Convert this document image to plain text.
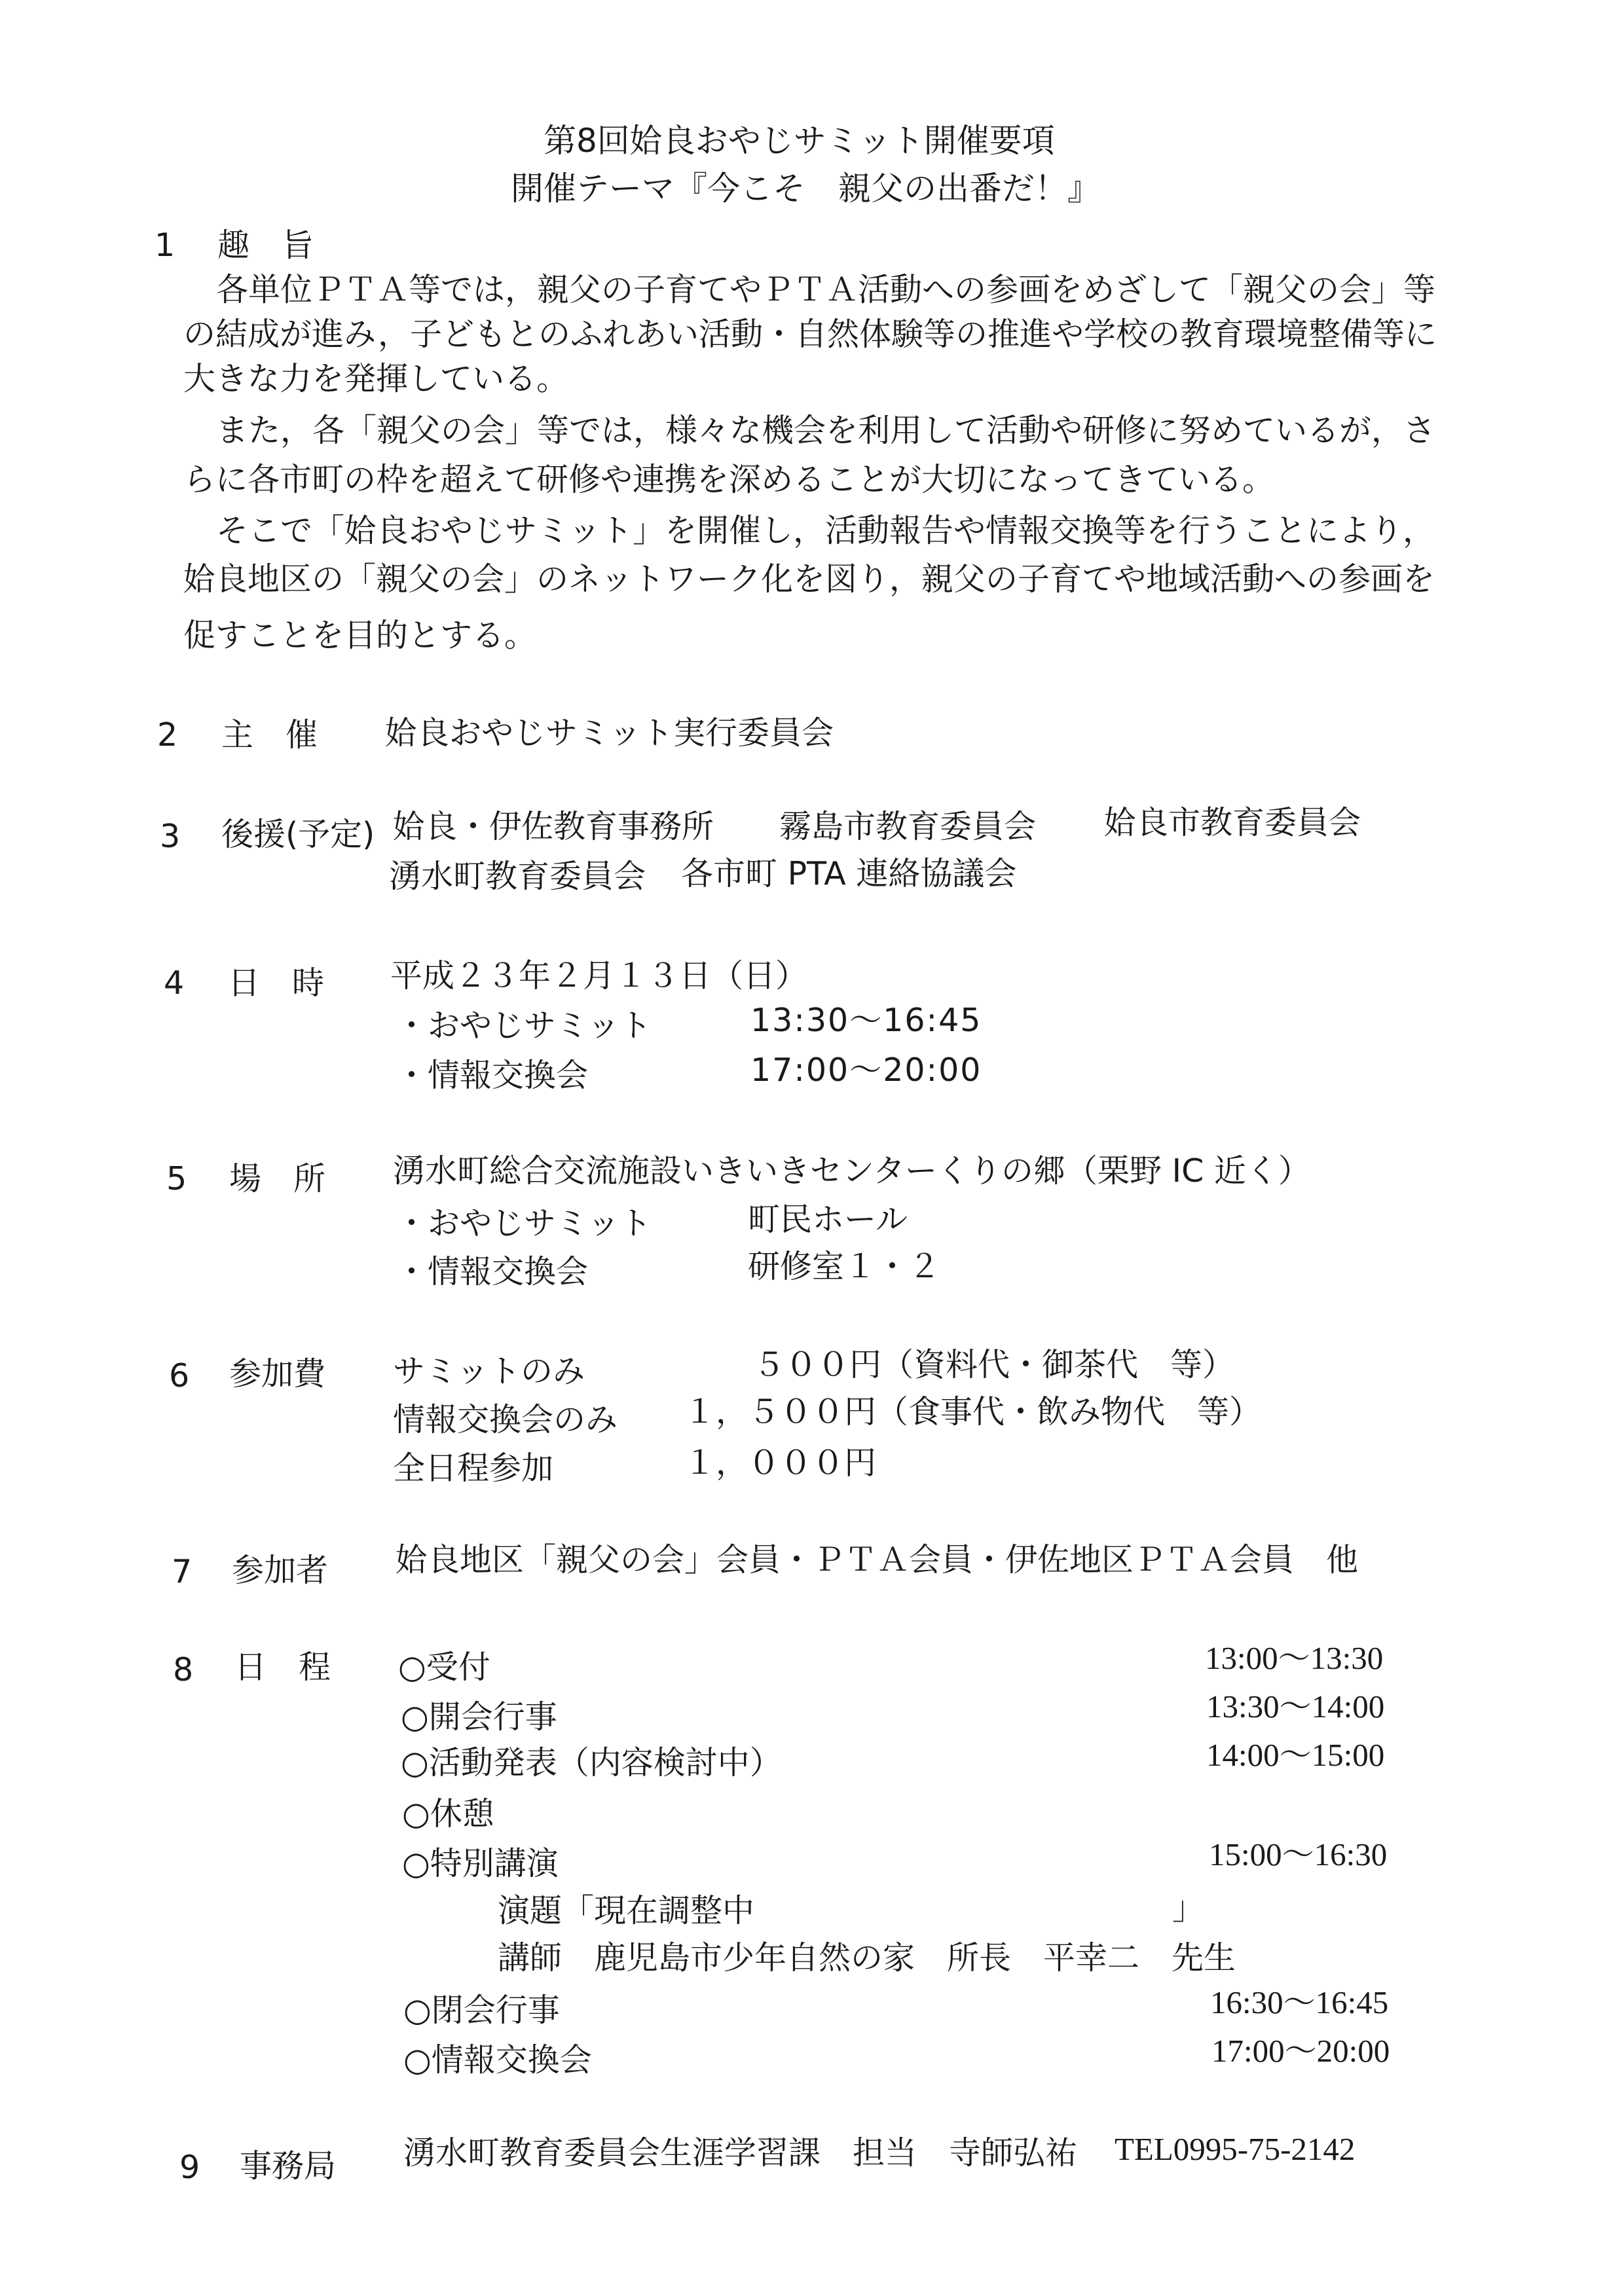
第8回姶良おやじサミット開催要項
開催テーマ『今こそ　親父の出番だ！』
1 趣　旨
各単位ＰＴＡ等では，親父の子育てやＰＴＡ活動への参画をめざして「親父の会」等
の結成が進み，子どもとのふれあい活動・自然体験等の推進や学校の教育環境整備等に
大きな力を発揮している。
また，各「親父の会」等では，様々な機会を利用して活動や研修に努めているが，さ
らに各市町の枠を超えて研修や連携を深めることが大切になってきている。
そこで「姶良おやじサミット」を開催し，活動報告や情報交換等を行うことにより，
姶良地区の「親父の会」のネットワーク化を図り，親父の子育てや地域活動への参画を
促すことを目的とする。
2 主　催 姶良おやじサミット実行委員会
3 後援(予定) 姶良・伊佐教育事務所 霧島市教育委員会 姶良市教育委員会
湧水町教育委員会 各市町 PTA 連絡協議会
4 日　時 平成２３年２月１３日（日）
・おやじサミット	13:30～16:45
・情報交換会	17:00～20:00
5 場　所 湧水町総合交流施設いきいきセンターくりの郷（栗野 IC 近く）
・おやじサミット	町民ホール
・情報交換会	研修室１・２
6 参加費 サミットのみ	５００円（資料代・御茶代　等）
情報交換会のみ １，５００円（食事代・飲み物代　等）
全日程参加	１，０００円
7 参加者 姶良地区「親父の会」会員・ＰＴＡ会員・伊佐地区ＰＴＡ会員　他
8 日　程 ○受付	13:00～13:30
○開会行事	13:30～14:00
○活動発表（内容検討中）	14:00～15:00
○休憩
○特別講演	15:00～16:30
演題「現在調整中	」
講師　鹿児島市少年自然の家　所長　平幸二　先生
○閉会行事	16:30～16:45
○情報交換会	17:00～20:00
9 事務局 湧水町教育委員会生涯学習課　担当　寺師弘祐 TEL0995-75-2142
